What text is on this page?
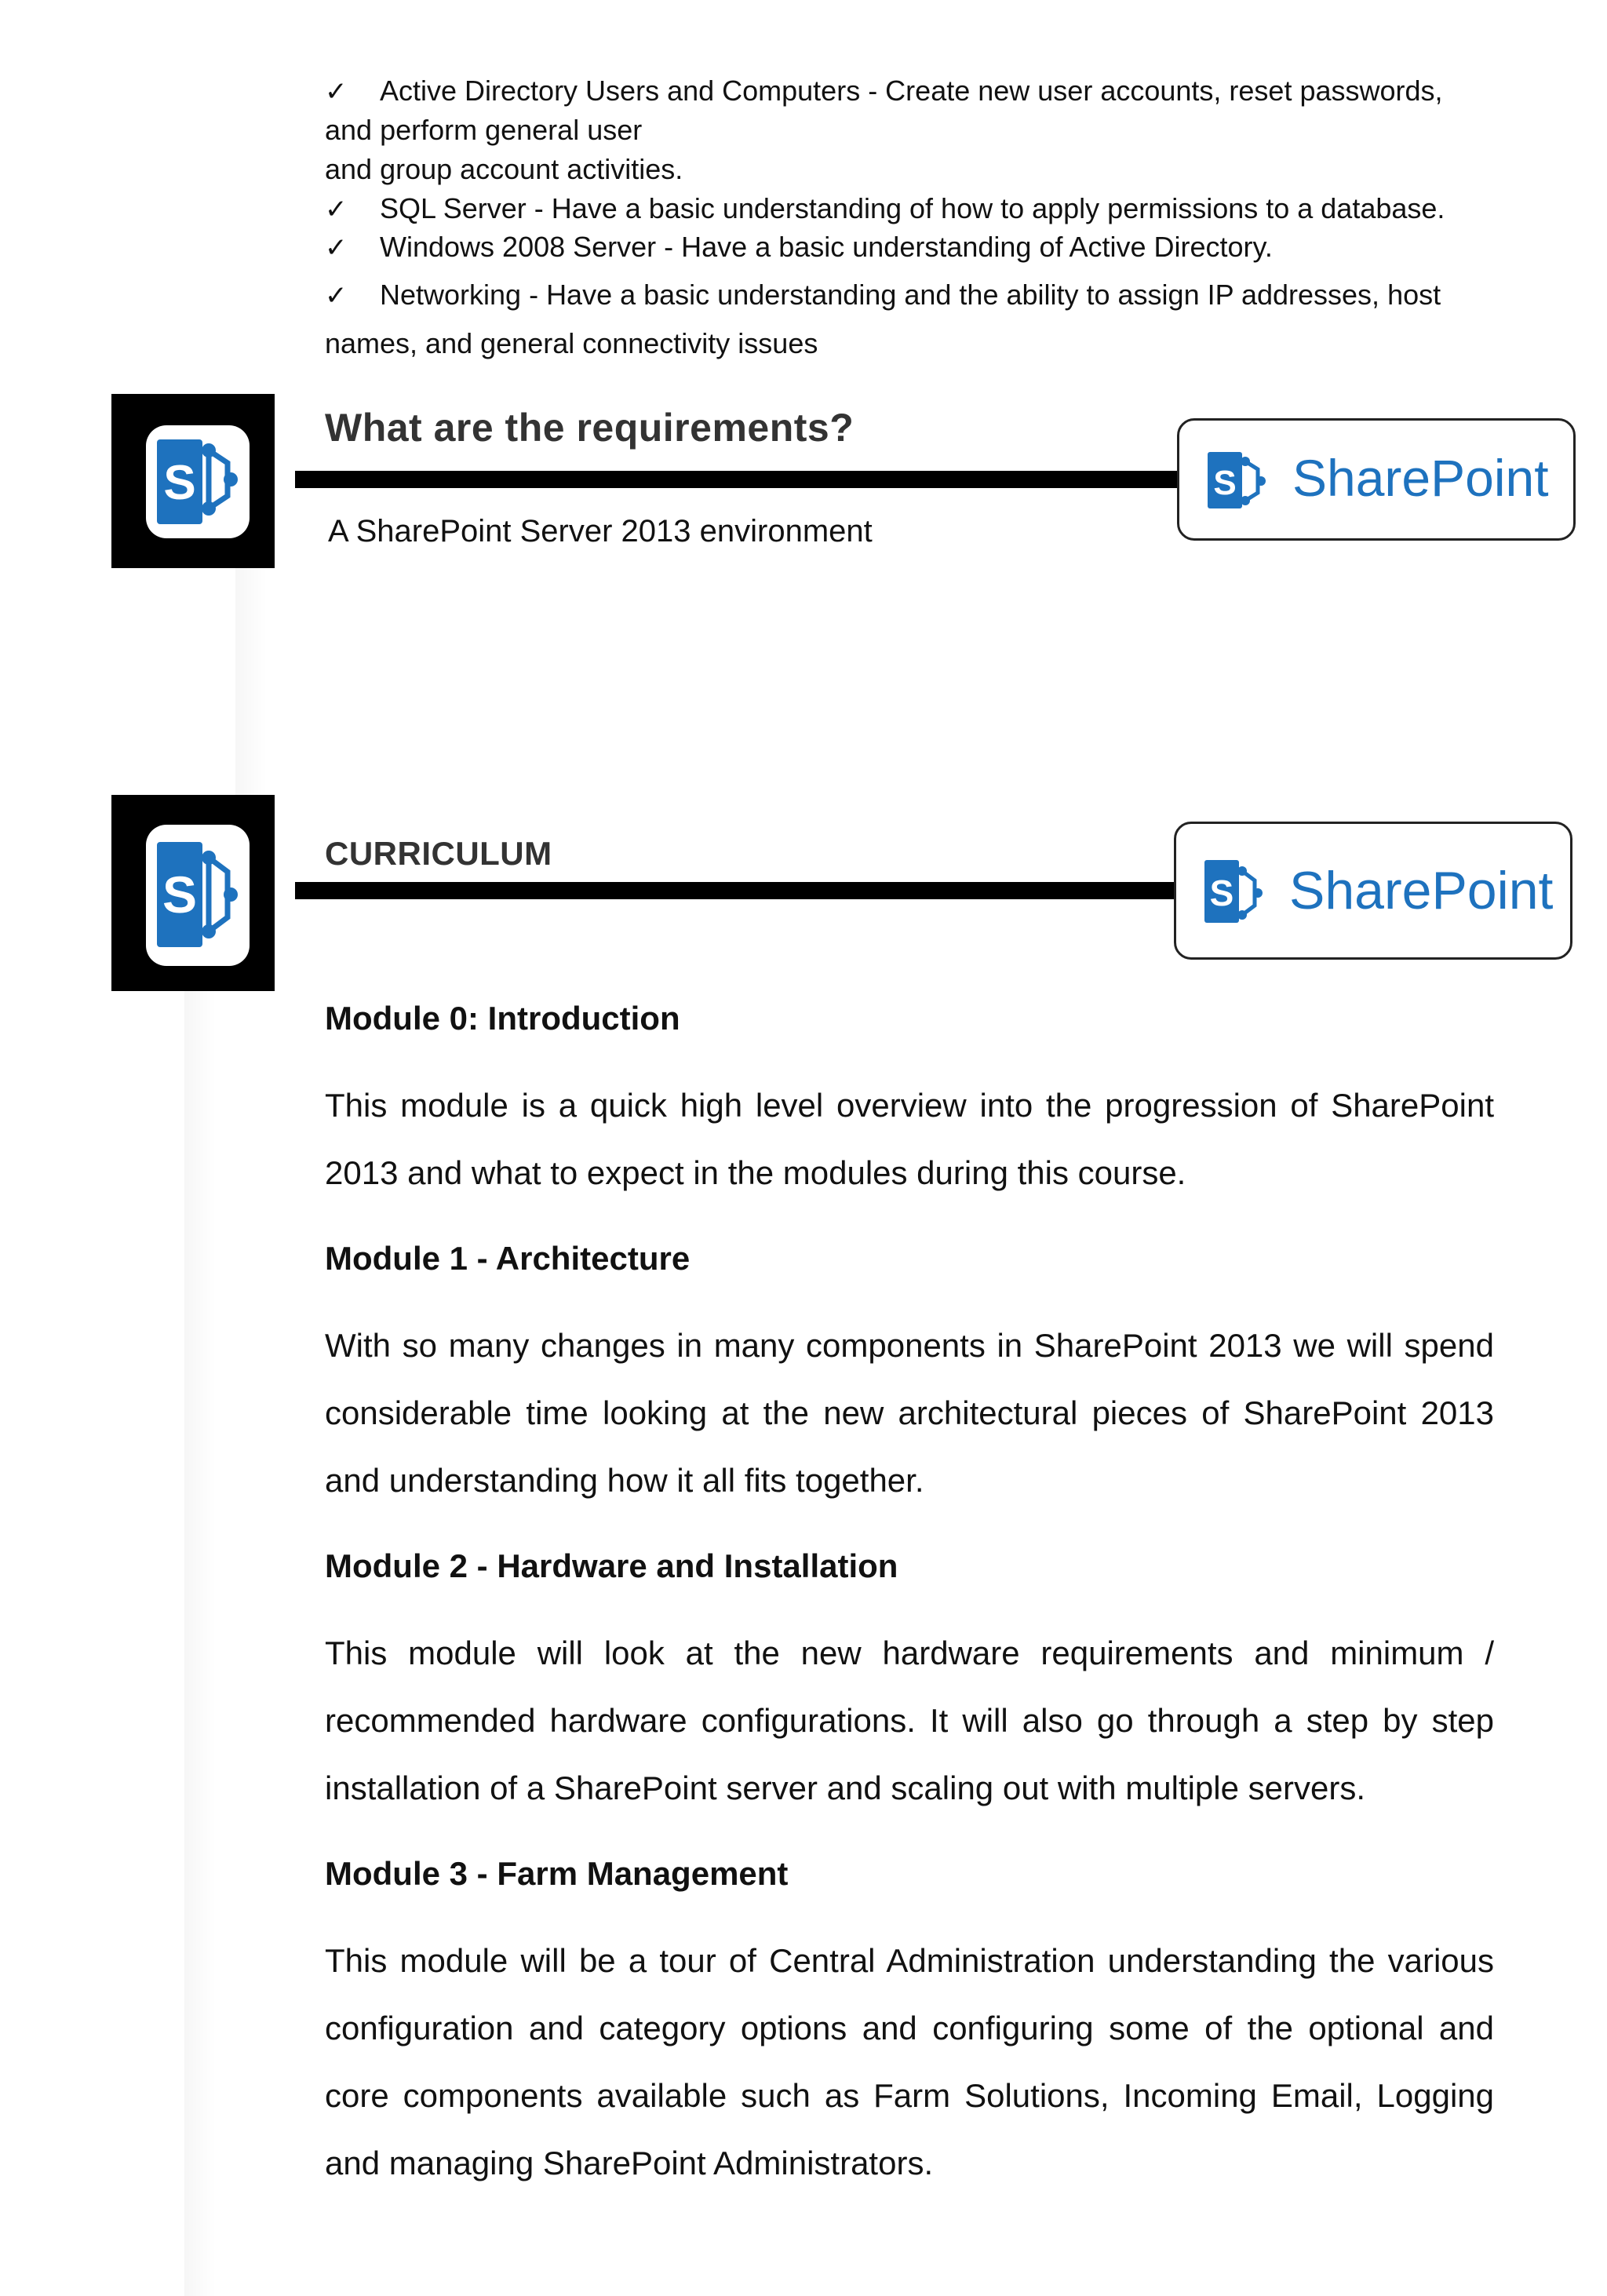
✓ Active Directory Users and Computers - Create new user accounts, reset passwords,
and perform general user
and group account activities.
✓ SQL Server - Have a basic understanding of how to apply permissions to a database.
✓ Windows 2008 Server - Have a basic understanding of Active Directory.
✓ Networking - Have a basic understanding and the ability to assign IP addresses, host
names, and general connectivity issues
S
What are the requirements?
S SharePoint
A SharePoint Server 2013 environment
S
CURRICULUM
S SharePoint
Module 0: Introduction

This module is a quick high level overview into the progression of SharePoint 2013 and what to expect in the modules during this course.

Module 1 - Architecture

With so many changes in many components in SharePoint 2013 we will spend considerable time looking at the new architectural pieces of SharePoint 2013 and understanding how it all fits together.

Module 2 - Hardware and Installation

This module will look at the new hardware requirements and minimum / recommended hardware configurations. It will also go through a step by step installation of a SharePoint server and scaling out with multiple servers.

Module 3 - Farm Management

This module will be a tour of Central Administration understanding the various configuration and category options and configuring some of the optional and core components available such as Farm Solutions, Incoming Email, Logging and managing SharePoint Administrators.
